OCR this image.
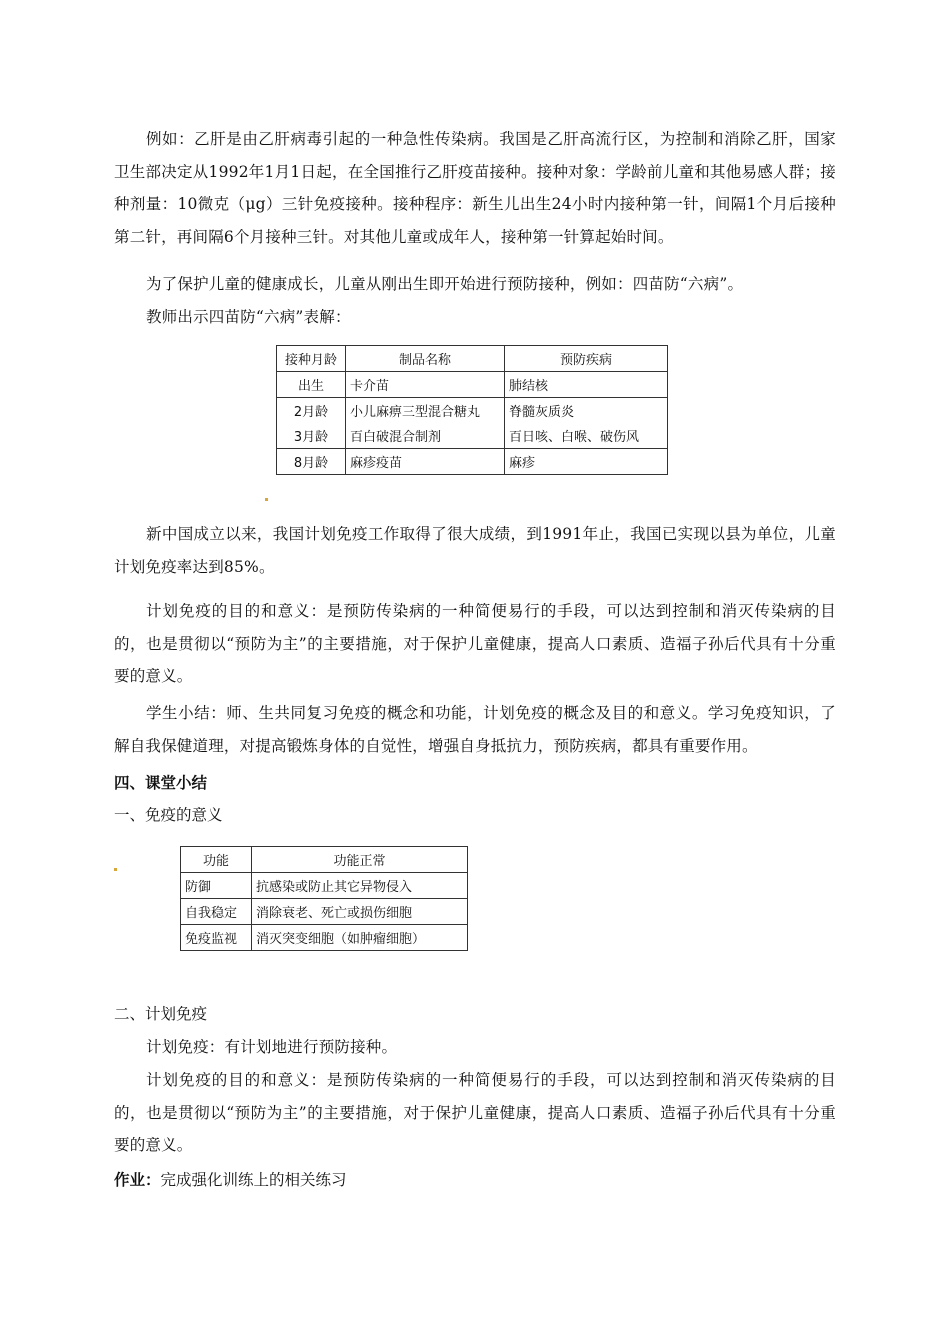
例如：乙肝是由乙肝病毒引起的一种急性传染病。我国是乙肝高流行区，为控制和消除乙肝，国家卫生部决定从1992年1月1日起，在全国推行乙肝疫苗接种。接种对象：学龄前儿童和其他易感人群；接种剂量：10微克（μg）三针免疫接种。接种程序：新生儿出生24小时内接种第一针，间隔1个月后接种第二针，再间隔6个月接种三针。对其他儿童或成年人，接种第一针算起始时间。

为了保护儿童的健康成长，儿童从刚出生即开始进行预防接种，例如：四苗防“六病”。

教师出示四苗防“六病”表解：

接种月龄	制品名称	预防疾病
出生	卡介苗	肺结核
2月龄	小儿麻痹三型混合糖丸	脊髓灰质炎
3月龄	百白破混合制剂	百日咳、白喉、破伤风
8月龄	麻疹疫苗	麻疹

新中国成立以来，我国计划免疫工作取得了很大成绩，到1991年止，我国已实现以县为单位，儿童计划免疫率达到85%。

计划免疫的目的和意义：是预防传染病的一种简便易行的手段，可以达到控制和消灭传染病的目的，也是贯彻以“预防为主”的主要措施，对于保护儿童健康，提高人口素质、造福子孙后代具有十分重要的意义。

学生小结：师、生共同复习免疫的概念和功能，计划免疫的概念及目的和意义。学习免疫知识，了解自我保健道理，对提高锻炼身体的自觉性，增强自身抵抗力，预防疾病，都具有重要作用。

四、课堂小结

一、免疫的意义

功能	功能正常
防御	抗感染或防止其它异物侵入
自我稳定	消除衰老、死亡或损伤细胞
免疫监视	消灭突变细胞（如肿瘤细胞）

二、计划免疫

计划免疫：有计划地进行预防接种。

计划免疫的目的和意义：是预防传染病的一种简便易行的手段，可以达到控制和消灭传染病的目的，也是贯彻以“预防为主”的主要措施，对于保护儿童健康，提高人口素质、造福子孙后代具有十分重要的意义。

作业：完成强化训练上的相关练习
